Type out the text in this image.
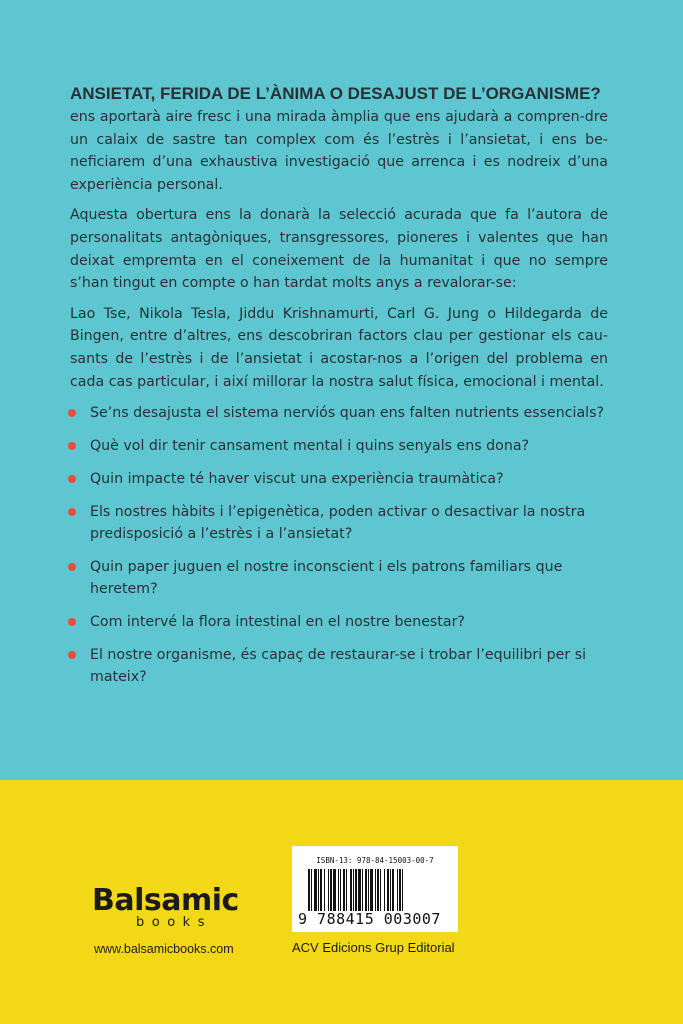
ANSIETAT, FERIDA DE L’ÀNIMA O DESAJUST DE L’ORGANISME?

ens aportarà aire fresc i una mirada àmplia que ens ajudarà a compren-dre un calaix de sastre tan complex com és l’estrès i l’ansietat, i ens be-neficiarem d’una exhaustiva investigació que arrenca i es nodreix d’una experiència personal.

Aquesta obertura ens la donarà la selecció acurada que fa l’autora de personalitats antagòniques, transgressores, pioneres i valentes que han deixat empremta en el coneixement de la humanitat i que no sempre s’han tingut en compte o han tardat molts anys a revalorar-se:

Lao Tse, Nikola Tesla, Jiddu Krishnamurti, Carl G. Jung o Hildegarda de Bingen, entre d’altres, ens descobriran factors clau per gestionar els cau-sants de l’estrès i de l’ansietat i acostar-nos a l’origen del problema en cada cas particular, i així millorar la nostra salut física, emocional i mental.

Se’ns desajusta el sistema nerviós quan ens falten nutrients essencials?
Què vol dir tenir cansament mental i quins senyals ens dona?
Quin impacte té haver viscut una experiència traumàtica?
Els nostres hàbits i l’epigenètica, poden activar o desactivar la nostra predisposició a l’estrès i a l’ansietat?
Quin paper juguen el nostre inconscient i els patrons familiars que heretem?
Com intervé la flora intestinal en el nostre benestar?
El nostre organisme, és capaç de restaurar-se i trobar l’equilibri per si mateix?
Balsamic
books
www.balsamicbooks.com
ISBN-13: 978-84-15003-00-7
9 788415 003007
ACV Edicions Grup Editorial
